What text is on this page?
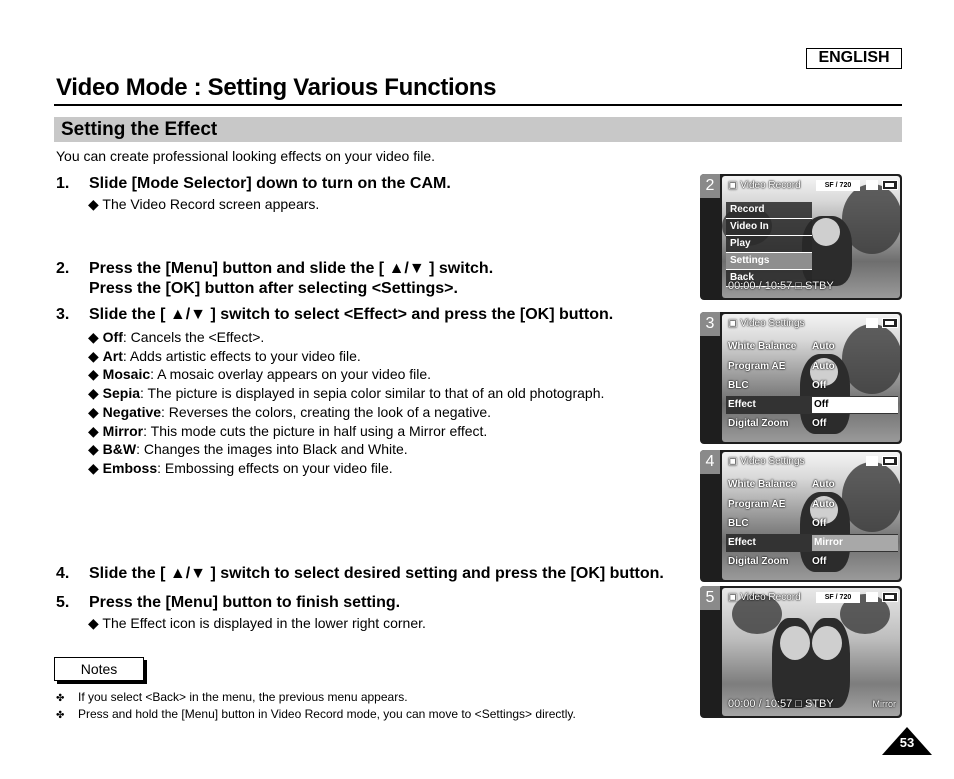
ENGLISH
Video Mode : Setting Various Functions
Setting the Effect
You can create professional looking effects on your video file.
1. Slide [Mode Selector] down to turn on the CAM.
◆ The Video Record screen appears.
2. Press the [Menu] button and slide the [ ▲/▼ ] switch.
Press the [OK] button after selecting <Settings>.
3. Slide the [ ▲/▼ ] switch to select <Effect> and press the [OK] button.
◆ Off: Cancels the <Effect>.
◆ Art: Adds artistic effects to your video file.
◆ Mosaic: A mosaic overlay appears on your video file.
◆ Sepia: The picture is displayed in sepia color similar to that of an old photograph.
◆ Negative: Reverses the colors, creating the look of a negative.
◆ Mirror: This mode cuts the picture in half using a Mirror effect.
◆ B&W: Changes the images into Black and White.
◆ Emboss: Embossing effects on your video file.
4. Slide the [ ▲/▼ ] switch to select desired setting and press the [OK] button.
5. Press the [Menu] button to finish setting.
◆ The Effect icon is displayed in the lower right corner.
Notes
✤ If you select <Back> in the menu, the previous menu appears.
✤ Press and hold the [Menu] button in Video Record mode, you can move to <Settings> directly.
53
2	▣ Video Record	SF / 720
Record
Video In
Play
Settings
Back
00:00 / 10:57 □ STBY
3	▣ Video Settings
White Balance Auto
Program AE	Auto
BLC	Off
Effect	Off
Digital Zoom Off
4	▣ Video Settings
White Balance Auto
Program AE	Auto
BLC	Off
Effect	Mirror
Digital Zoom Off
5	▣ Video Record	SF / 720
00:00 / 10:57 □ STBY	Mirror
